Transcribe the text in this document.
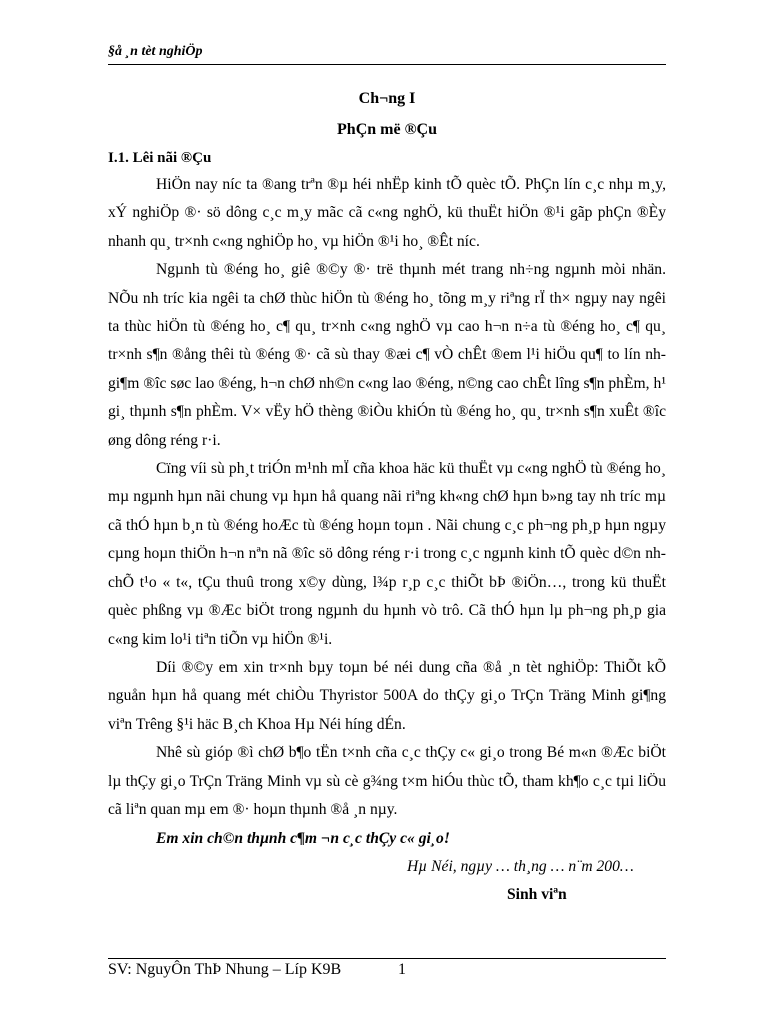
§å ¸n tèt nghiÖp
Ch¬ng I
PhÇn më ®Çu
I.1. Lêi nãi ®Çu

HiÖn nay níc ta ®ang trªn ®µ héi nhËp kinh tÕ quèc tÕ. PhÇn lín c¸c nhµ m¸y, xÝ nghiÖp ®· sö dông c¸c m¸y mãc cã c«ng nghÖ, kü thuËt hiÖn ®¹i gãp phÇn ®Èy nhanh qu¸ tr×nh c«ng nghiÖp ho¸ vµ hiÖn ®¹i ho¸ ®Êt níc.

Ngµnh tù ®éng ho¸ giê ®©y ®· trë thµnh mét trang nh÷ng ngµnh mòi nhän. NÕu nh tríc kia ngêi ta chØ thùc hiÖn tù ®éng ho¸ tõng m¸y riªng rÏ th× ngµy nay ngêi ta thùc hiÖn tù ®éng ho¸ c¶ qu¸ tr×nh c«ng nghÖ vµ cao h¬n n÷a tù ®éng ho¸ c¶ qu¸ tr×nh s¶n ®ång thêi tù ®éng ®· cã sù thay ®æi c¶ vÒ chÊt ®em l¹i hiÖu qu¶ to lín nh gi¶m ®îc søc lao ®éng, h¬n chØ nh©n c«ng lao ®éng, n©ng cao chÊt lîng s¶n phÈm, h¹ gi¸ thµnh s¶n phÈm. V× vËy hÖ thèng ®iÒu khiÓn tù ®éng ho¸ qu¸ tr×nh s¶n xuÊt ®îc øng dông réng r·i.

Cïng víi sù ph¸t triÓn m¹nh mÏ cña khoa häc kü thuËt vµ c«ng nghÖ tù ®éng ho¸ mµ ngµnh hµn nãi chung vµ hµn hå quang nãi riªng kh«ng chØ hµn b»ng tay nh tríc mµ cã thÓ hµn b¸n tù ®éng hoÆc tù ®éng hoµn toµn . Nãi chung c¸c ph¬ng ph¸p hµn ngµy cµng hoµn thiÖn h¬n nªn nã ®îc sö dông réng r·i trong c¸c ngµnh kinh tÕ quèc d©n nh chÕ t¹o « t«, tÇu thuû trong x©y dùng, l¾p r¸p c¸c thiÕt bÞ ®iÖn…, trong kü thuËt quèc phßng vµ ®Æc biÖt trong ngµnh du hµnh vò trô. Cã thÓ hµn lµ ph¬ng ph¸p gia c«ng kim lo¹i tiªn tiÕn vµ hiÖn ®¹i.

Díi ®©y em xin tr×nh bµy toµn bé néi dung cña ®å ¸n tèt nghiÖp: ThiÕt kÕ nguån hµn hå quang mét chiÒu Thyristor 500A do thÇy gi¸o TrÇn Träng Minh gi¶ng viªn Trêng §¹i häc B¸ch Khoa Hµ Néi híng dÉn.

Nhê sù gióp ®ì chØ b¶o tËn t×nh cña c¸c thÇy c« gi¸o trong Bé m«n ®Æc biÖt lµ thÇy gi¸o TrÇn Träng Minh vµ sù cè g¾ng t×m hiÓu thùc tÕ, tham kh¶o c¸c tµi liÖu cã liªn quan mµ em ®· hoµn thµnh ®å ¸n nµy.

Em xin ch©n thµnh c¶m ¬n c¸c thÇy c« gi¸o!
Hµ Néi, ngµy … th¸ng … n¨m 200…
Sinh viªn
SV: NguyÔn ThÞ Nhung – Líp K9B	1
